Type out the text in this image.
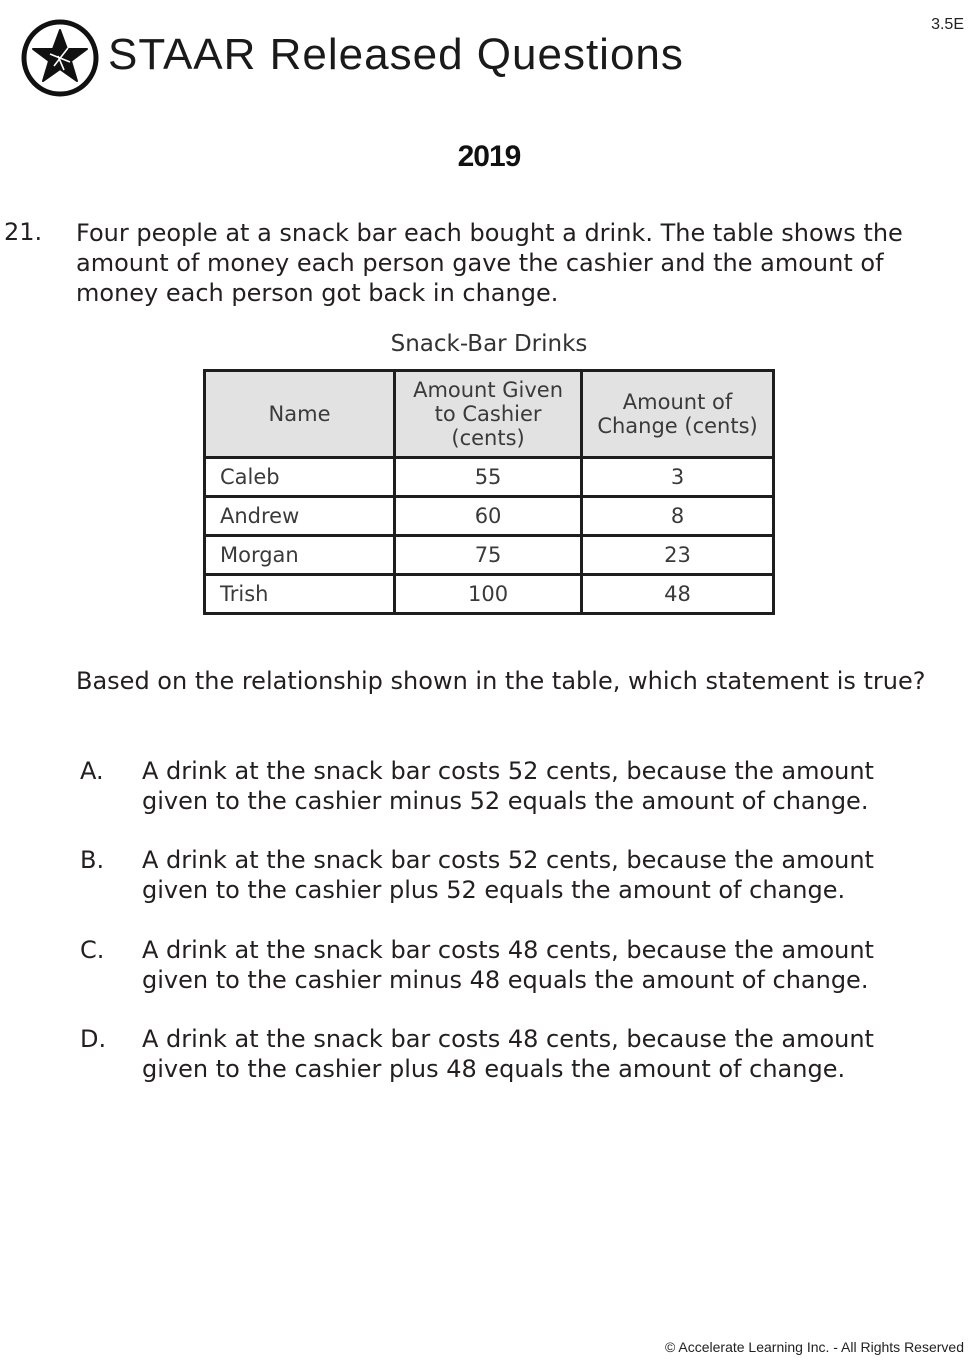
3.5E
STAAR Released Questions
2019
21. Four people at a snack bar each bought a drink. The table shows the amount of money each person gave the cashier and the amount of money each person got back in change.
Snack-Bar Drinks
Name	Amount Given to Cashier (cents)	Amount of Change (cents)
Caleb	55	3
Andrew	60	8
Morgan	75	23
Trish	100	48
Based on the relationship shown in the table, which statement is true?
A. A drink at the snack bar costs 52 cents, because the amount given to the cashier minus 52 equals the amount of change.
B. A drink at the snack bar costs 52 cents, because the amount given to the cashier plus 52 equals the amount of change.
C. A drink at the snack bar costs 48 cents, because the amount given to the cashier minus 48 equals the amount of change.
D. A drink at the snack bar costs 48 cents, because the amount given to the cashier plus 48 equals the amount of change.
© Accelerate Learning Inc. - All Rights Reserved
